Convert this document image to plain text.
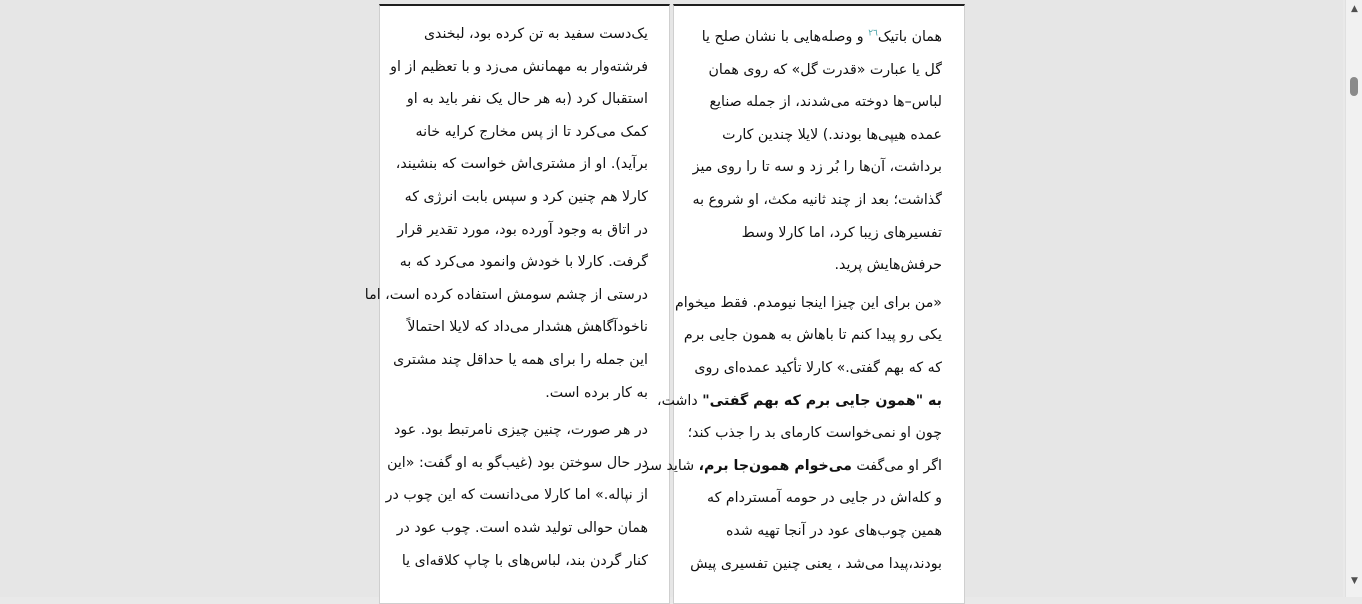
یک‌دست سفید به تن کرده بود، لبخندی
فرشته‌وار به مهمانش می‌زد و با تعظیم از او
استقبال کرد (به هر حال یک نفر باید به او
کمک می‌کرد تا از پس مخارج کرایه خانه
برآید). او از مشتری‌اش خواست که بنشیند،
کارلا هم چنین کرد و سپس بابت انرژی که
در اتاق به وجود آورده بود، مورد تقدیر قرار
گرفت. کارلا با خودش وانمود می‌کرد که به
درستی از چشم سومش استفاده کرده است، اما
ناخودآگاهش هشدار می‌داد که لایلا احتمالاً
این جمله را برای همه یا حداقل چند مشتری
به کار برده است.

در هر صورت، چنین چیزی نامرتبط بود. عود
در حال سوختن بود (غیب‌گو به او گفت: «این
از نپاله.» اما کارلا می‌دانست که این چوب در
همان حوالی تولید شده است. چوب عود در
کنار گردن بند، لباس‌های با چاپ کلاقه‌ای یا

همان باتیک$^{٢٦}$ و وصله‌هایی با نشان صلح یا
گل یا عبارت «قدرت گل» که روی همان
لباس–ها دوخته می‌شدند، از جمله صنایع
عمده هیپی‌ها بودند.) لایلا چندین کارت
برداشت، آن‌ها را بُر زد و سه تا را روی میز
گذاشت؛ بعد از چند ثانیه مکث، او شروع به
تفسیرهای زیبا کرد، اما کارلا وسط
حرفش‌هایش پرید.

«من برای این چیزا اینجا نیومدم. فقط میخوام
یکی رو پیدا کنم تا باهاش به همون جایی برم
که که بهم گفتی.» کارلا تأکید عمده‌ای روی
به "همون جایی برم که بهم گفتی" داشت،
چون او نمی‌خواست کارمای بد را جذب کند؛
اگر او می‌گفت می‌خوام همون‌جا برم، شاید سر
و کله‌اش در جایی در حومه آمستردام که
همین چوب‌های عود در آنجا تهیه شده
بودند،پیدا می‌شد ، یعنی چنین تفسیری پیش

▲
▼
